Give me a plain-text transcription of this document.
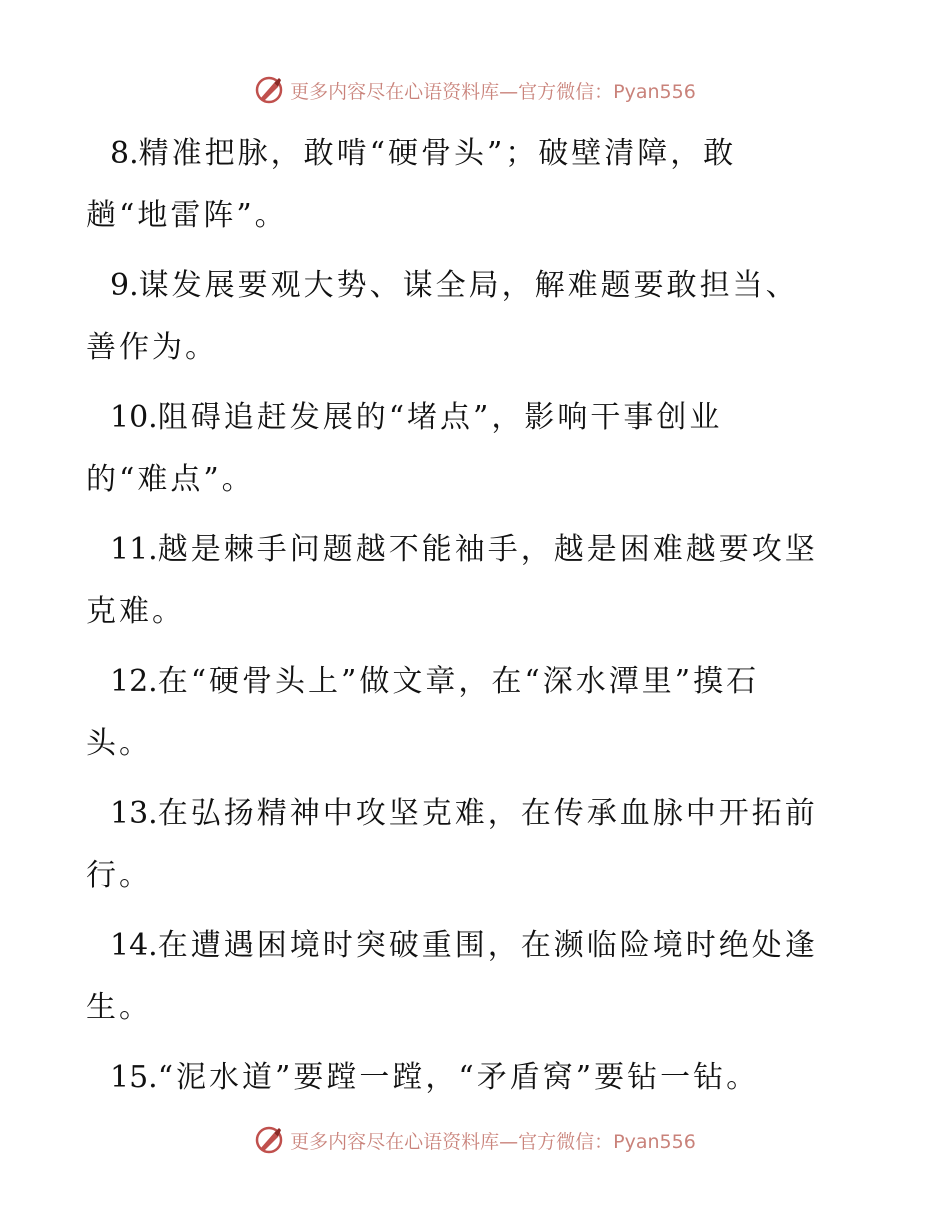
更多内容尽在心语资料库—官方微信：Pyan556
8.精准把脉，敢啃“硬骨头”；破壁清障，敢
趟“地雷阵”。
9.谋发展要观大势、谋全局，解难题要敢担当、
善作为。
10.阻碍追赶发展的“堵点”，影响干事创业
的“难点”。
11.越是棘手问题越不能袖手，越是困难越要攻坚
克难。
12.在“硬骨头上”做文章，在“深水潭里”摸石
头。
13.在弘扬精神中攻坚克难，在传承血脉中开拓前
行。
14.在遭遇困境时突破重围，在濒临险境时绝处逢
生。
15.“泥水道”要蹚一蹚，“矛盾窝”要钻一钻。
更多内容尽在心语资料库—官方微信：Pyan556
